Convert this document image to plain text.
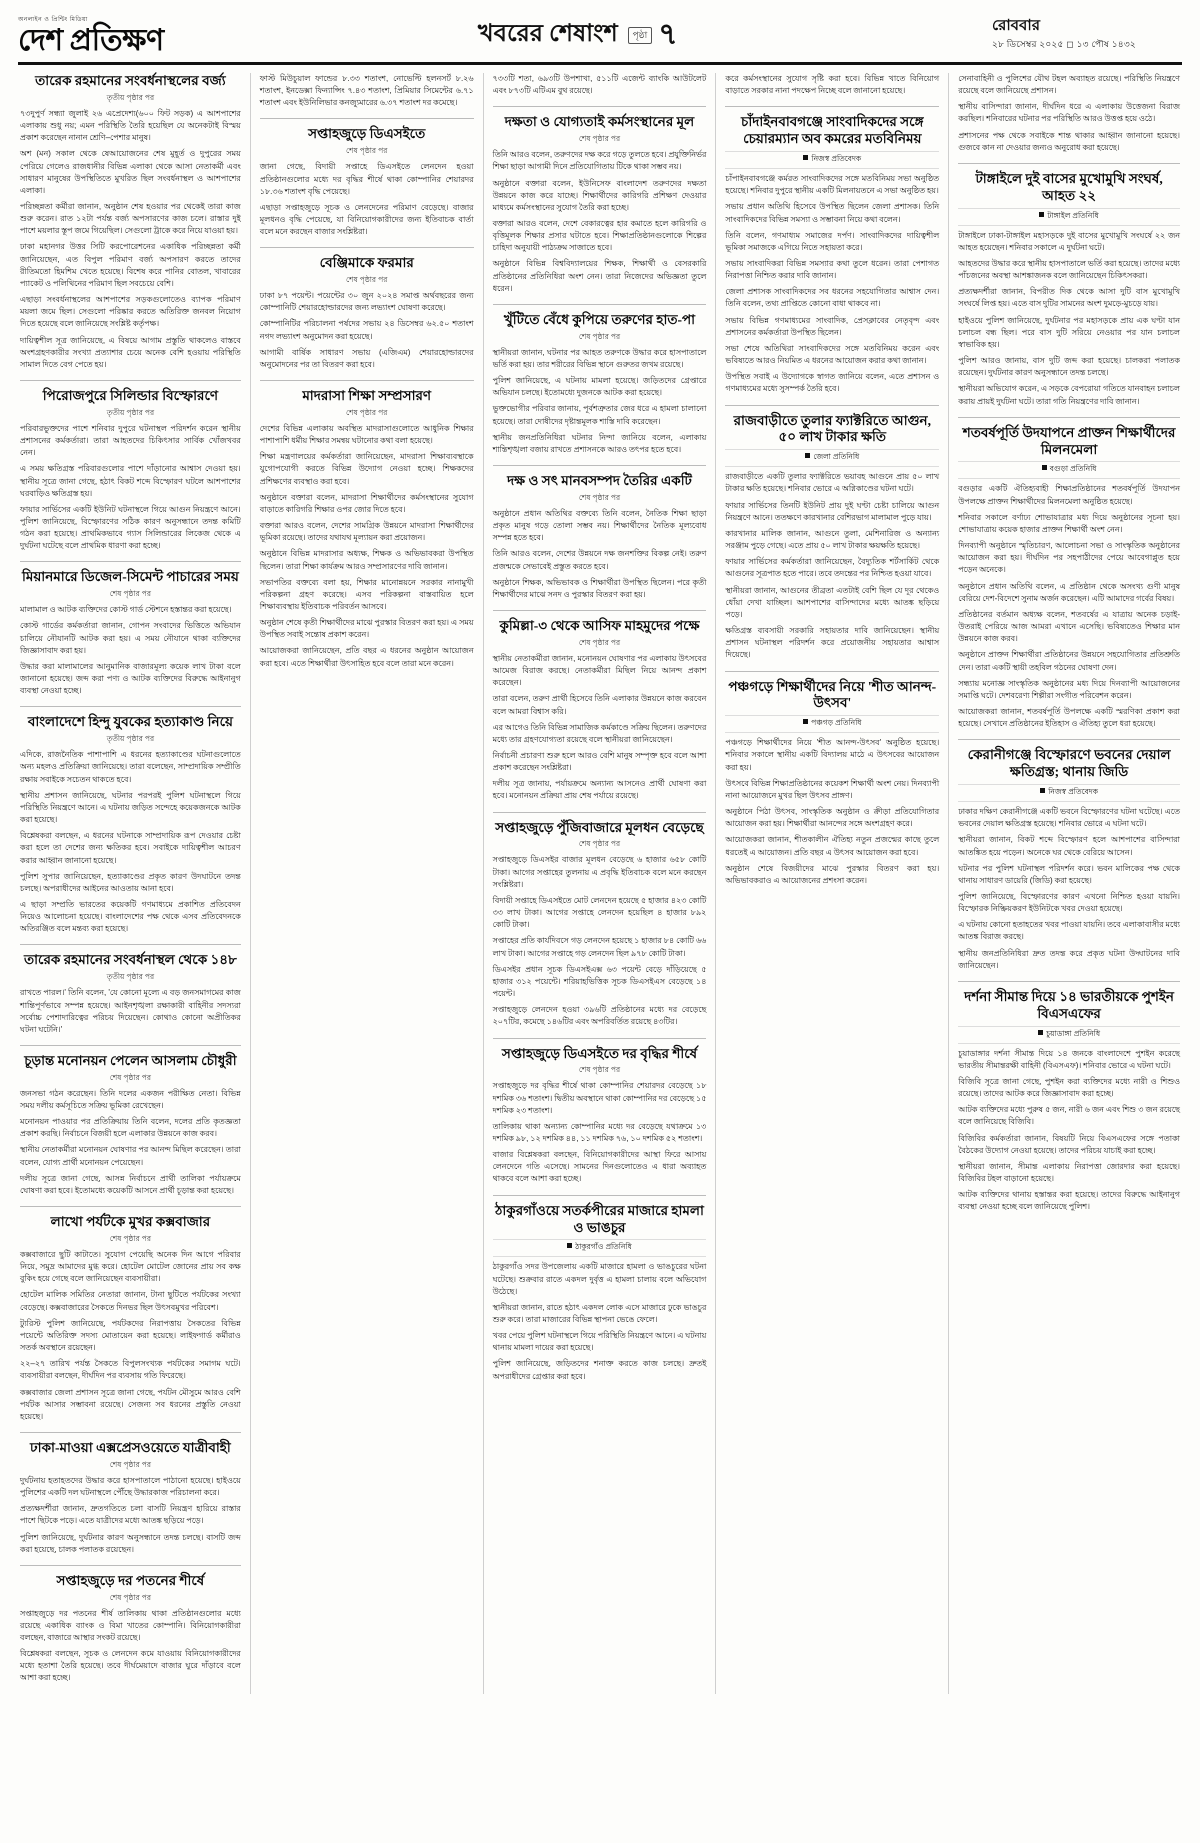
অনলাইন ও প্রিন্টিং মিডিয়া
দেশ প্রতিক্ষণ	খবরের শেষাংশ	পৃষ্ঠা ৭	রোববার
২৮ ডিসেম্বর ২০২৫ ◻ ১৩ পৌষ ১৪৩২
তারেক রহমানের সংবর্ধনাস্থলের বর্জ্য
তৃতীয় পৃষ্ঠার পর

৭৩দুপুর্ণ সন্ধ্যা জুলাই ২৬ এপ্রেদেশ্য(৬০০ ফিট সড়ক) এ আশপাশের এলাকায় শুধু নয়; এমন পরিস্থিতি তৈরি হয়েছিল যে অনেকটাই বিস্ময় প্রকাশ করেছেন নানান শ্রেণি–পেশার মানুষ।

অশ (মন) সকাল থেকে ষেআয়োজনের শেষ মুহূর্ত ও দুপুরের সময় পেরিয়ে গেলেও রাজধানীর বিভিন্ন এলাকা থেকে আসা নেতাকর্মী এবং সাধারণ মানুষের উপস্থিতিতে মুখরিত ছিল সংবর্ধনাস্থল ও আশপাশের এলাকা।

পরিচ্ছন্নতা কর্মীরা জানান, অনুষ্ঠান শেষ হওয়ার পর থেকেই তারা কাজ শুরু করেন। রাত ১২টা পর্যন্ত বর্জ্য অপসারণের কাজ চলে। রাস্তার দুই পাশে ময়লার স্তূপ জমে গিয়েছিল। সেগুলো ট্রাকে করে নিয়ে যাওয়া হয়।

ঢাকা মহানগর উত্তর সিটি করপোরেশনের একাধিক পরিচ্ছন্নতা কর্মী জানিয়েছেন, এত বিপুল পরিমাণ বর্জ্য অপসারণ করতে তাদের রীতিমতো হিমশিম খেতে হয়েছে। বিশেষ করে পানির বোতল, খাবারের প্যাকেট ও পলিথিনের পরিমাণ ছিল সবচেয়ে বেশি।

এছাড়া সংবর্ধনাস্থলের আশপাশের সড়কগুলোতেও ব্যাপক পরিমাণ ময়লা জমে ছিল। সেগুলো পরিষ্কার করতে অতিরিক্ত জনবল নিয়োগ দিতে হয়েছে বলে জানিয়েছে সংশ্লিষ্ট কর্তৃপক্ষ।

দায়িত্বশীল সূত্র জানিয়েছে, এ বিষয়ে আগাম প্রস্তুতি থাকলেও বাস্তবে অংশগ্রহণকারীর সংখ্যা প্রত্যাশার চেয়ে অনেক বেশি হওয়ায় পরিস্থিতি সামাল দিতে বেগ পেতে হয়।

পিরোজপুরে সিলিন্ডার বিস্ফোরণে
তৃতীয় পৃষ্ঠার পর

পরিবারভুক্তদের পাশে শনিবার দুপুরে ঘটনাস্থল পরিদর্শন করেন স্থানীয় প্রশাসনের কর্মকর্তারা। তারা আহতদের চিকিৎসার সার্বিক খোঁজখবর নেন।

এ সময় ক্ষতিগ্রস্ত পরিবারগুলোর পাশে দাঁড়ানোর আশ্বাস দেওয়া হয়। স্থানীয় সূত্রে জানা গেছে, হঠাৎ বিকট শব্দে বিস্ফোরণ ঘটলে আশপাশের ঘরবাড়িও ক্ষতিগ্রস্ত হয়।

ফায়ার সার্ভিসের একটি ইউনিট ঘটনাস্থলে গিয়ে আগুন নিয়ন্ত্রণে আনে। পুলিশ জানিয়েছে, বিস্ফোরণের সঠিক কারণ অনুসন্ধানে তদন্ত কমিটি গঠন করা হয়েছে। প্রাথমিকভাবে গ্যাস সিলিন্ডারের লিকেজ থেকে এ দুর্ঘটনা ঘটেছে বলে প্রাথমিক ধারণা করা হচ্ছে।

মিয়ানমারে ডিজেল-সিমেন্ট পাচারের সময়
শেষ পৃষ্ঠার পর

মালামাল ও আটক ব্যক্তিদের কোস্ট গার্ড স্টেশনে হস্তান্তর করা হয়েছে।

কোস্ট গার্ডের কর্মকর্তারা জানান, গোপন সংবাদের ভিত্তিতে অভিযান চালিয়ে নৌযানটি আটক করা হয়। এ সময় নৌযানে থাকা ব্যক্তিদের জিজ্ঞাসাবাদ করা হয়।

উদ্ধার করা মালামালের আনুমানিক বাজারমূল্য কয়েক লাখ টাকা বলে জানানো হয়েছে। জব্দ করা পণ্য ও আটক ব্যক্তিদের বিরুদ্ধে আইনানুগ ব্যবস্থা নেওয়া হচ্ছে।

বাংলাদেশে হিন্দু যুবকের হত্যাকাণ্ড নিয়ে
তৃতীয় পৃষ্ঠার পর

এদিকে, রাজনৈতিক পাশাপাশি এ ধরনের হত্যাকাণ্ডের ঘটনাগুলোতে অন্য মহলও প্রতিক্রিয়া জানিয়েছে। তারা বলেছেন, সাম্প্রদায়িক সম্প্রীতি রক্ষায় সবাইকে সচেতন থাকতে হবে।

স্থানীয় প্রশাসন জানিয়েছে, ঘটনার পরপরই পুলিশ ঘটনাস্থলে গিয়ে পরিস্থিতি নিয়ন্ত্রণে আনে। এ ঘটনায় জড়িত সন্দেহে কয়েকজনকে আটক করা হয়েছে।

বিশ্লেষকরা বলছেন, এ ধরনের ঘটনাকে সাম্প্রদায়িক রূপ দেওয়ার চেষ্টা করা হলে তা দেশের জন্য ক্ষতিকর হবে। সবাইকে দায়িত্বশীল আচরণ করার আহ্বান জানানো হয়েছে।

পুলিশ সুপার জানিয়েছেন, হত্যাকাণ্ডের প্রকৃত কারণ উদঘাটনে তদন্ত চলছে। অপরাধীদের আইনের আওতায় আনা হবে।

এ ছাড়া সম্প্রতি ভারতের কয়েকটি গণমাধ্যমে প্রকাশিত প্রতিবেদন নিয়েও আলোচনা হয়েছে। বাংলাদেশের পক্ষ থেকে এসব প্রতিবেদনকে অতিরঞ্জিত বলে মন্তব্য করা হয়েছে।

তারেক রহমানের সংবর্ধনাস্থল থেকে ১৪৮
তৃতীয় পৃষ্ঠার পর

রাখতে পারল।' তিনি বলেন, 'যে কোনো মূল্যে এ বড় জনসমাগমের কাজ শান্তিপূর্ণভাবে সম্পন্ন হয়েছে। আইনশৃঙ্খলা রক্ষাকারী বাহিনীর সদস্যরা সর্বোচ্চ পেশাদারিত্বের পরিচয় দিয়েছেন। কোথাও কোনো অপ্রীতিকর ঘটনা ঘটেনি।'

চূড়ান্ত মনোনয়ন পেলেন আসলাম চৌধুরী
শেষ পৃষ্ঠার পর

জনসভা গঠন করেছেন। তিনি দলের একজন পরীক্ষিত নেতা। বিভিন্ন সময় দলীয় কর্মসূচিতে সক্রিয় ভূমিকা রেখেছেন।

মনোনয়ন পাওয়ার পর প্রতিক্রিয়ায় তিনি বলেন, দলের প্রতি কৃতজ্ঞতা প্রকাশ করছি। নির্বাচনে বিজয়ী হলে এলাকার উন্নয়নে কাজ করব।

স্থানীয় নেতাকর্মীরা মনোনয়ন ঘোষণার পর আনন্দ মিছিল করেছেন। তারা বলেন, যোগ্য প্রার্থী মনোনয়ন পেয়েছেন।

দলীয় সূত্রে জানা গেছে, আসন্ন নির্বাচনে প্রার্থী তালিকা পর্যায়ক্রমে ঘোষণা করা হবে। ইতোমধ্যে কয়েকটি আসনে প্রার্থী চূড়ান্ত করা হয়েছে।

লাখো পর্যটকে মুখর কক্সবাজার
শেষ পৃষ্ঠার পর

কক্সবাজারে ছুটি কাটাতে। সুযোগ পেয়েছি অনেক দিন আগে পরিবার নিয়ে, সমুদ্র আমাদের মুগ্ধ করে। হোটেল মোটেল জোনের প্রায় সব কক্ষ বুকিং হয়ে গেছে বলে জানিয়েছেন ব্যবসায়ীরা।

হোটেল মালিক সমিতির নেতারা জানান, টানা ছুটিতে পর্যটকের সংখ্যা বেড়েছে। কক্সবাজারের সৈকতে দিনভর ছিল উৎসবমুখর পরিবেশ।

ট্যুরিস্ট পুলিশ জানিয়েছে, পর্যটকদের নিরাপত্তায় সৈকতের বিভিন্ন পয়েন্টে অতিরিক্ত সদস্য মোতায়েন করা হয়েছে। লাইফগার্ড কর্মীরাও সতর্ক অবস্থানে রয়েছেন।

২২–২৭ তারিখ পর্যন্ত সৈকতে বিপুলসংখ্যক পর্যটকের সমাগম ঘটে। ব্যবসায়ীরা বলছেন, দীর্ঘদিন পর ব্যবসায় গতি ফিরেছে।

কক্সবাজার জেলা প্রশাসন সূত্রে জানা গেছে, পর্যটন মৌসুমে আরও বেশি পর্যটক আসার সম্ভাবনা রয়েছে। সেজন্য সব ধরনের প্রস্তুতি নেওয়া হয়েছে।

ঢাকা-মাওয়া এক্সপ্রেসওয়েতে যাত্রীবাহী
শেষ পৃষ্ঠার পর

দুর্ঘটনায় হতাহতদের উদ্ধার করে হাসপাতালে পাঠানো হয়েছে। হাইওয়ে পুলিশের একটি দল ঘটনাস্থলে পৌঁছে উদ্ধারকাজ পরিচালনা করে।

প্রত্যক্ষদর্শীরা জানান, দ্রুতগতিতে চলা বাসটি নিয়ন্ত্রণ হারিয়ে রাস্তার পাশে ছিটকে পড়ে। এতে যাত্রীদের মধ্যে আতঙ্ক ছড়িয়ে পড়ে।

পুলিশ জানিয়েছে, দুর্ঘটনার কারণ অনুসন্ধানে তদন্ত চলছে। বাসটি জব্দ করা হয়েছে, চালক পলাতক রয়েছেন।

সপ্তাহজুড়ে দর পতনের শীর্ষে
শেষ পৃষ্ঠার পর

সপ্তাহজুড়ে দর পতনের শীর্ষ তালিকায় থাকা প্রতিষ্ঠানগুলোর মধ্যে রয়েছে একাধিক ব্যাংক ও বিমা খাতের কোম্পানি। বিনিয়োগকারীরা বলছেন, বাজারে আস্থার সংকট রয়েছে।

বিশ্লেষকরা বলছেন, সূচক ও লেনদেন কমে যাওয়ায় বিনিয়োগকারীদের মধ্যে হতাশা তৈরি হয়েছে। তবে দীর্ঘমেয়াদে বাজার ঘুরে দাঁড়াবে বলে আশা করা হচ্ছে।

ফাস্ট মিউচুয়াল ফান্ডের ৮.৩৩ শতাংশ, নোভেল্টি হলনসর্ট ৮.২৬ শতাংশ, ইনডেক্সা ফিন্যান্সিং ৭.৪৩ শতাংশ, প্রিমিয়ার সিমেন্টের ৬.৭১ শতাংশ এবং ইউনিলিভার কনজ্যুমারের ৬.৩৭ শতাংশ দর কমেছে।

সপ্তাহজুড়ে ডিএসইতে
শেষ পৃষ্ঠার পর

জানা গেছে, বিদায়ী সপ্তাহে ডিএসইতে লেনদেন হওয়া প্রতিষ্ঠানগুলোর মধ্যে দর বৃদ্ধির শীর্ষে থাকা কোম্পানির শেয়ারদর ১৮.৩৬ শতাংশ বৃদ্ধি পেয়েছে।

এছাড়া সপ্তাহজুড়ে সূচক ও লেনদেনের পরিমাণ বেড়েছে। বাজার মূলধনও বৃদ্ধি পেয়েছে, যা বিনিয়োগকারীদের জন্য ইতিবাচক বার্তা বলে মনে করছেন বাজার সংশ্লিষ্টরা।

বেঞ্জিমাকে ফরমার
শেষ পৃষ্ঠার পর

ঢাকা ৮৭ পয়েন্ট। পয়েন্টের ৩০ জুন ২০২৪ সমাপ্ত অর্থবছরের জন্য কোম্পানিটি শেয়ারহোল্ডারদের জন্য লভ্যাংশ ঘোষণা করেছে।

কোম্পানিটির পরিচালনা পর্ষদের সভায় ২৪ ডিসেম্বর ৬২.৫০ শতাংশ নগদ লভ্যাংশ অনুমোদন করা হয়েছে।

আগামী বার্ষিক সাধারণ সভায় (এজিএম) শেয়ারহোল্ডারদের অনুমোদনের পর তা বিতরণ করা হবে।

মাদরাসা শিক্ষা সম্প্রসারণ
শেষ পৃষ্ঠার পর

দেশের বিভিন্ন এলাকায় অবস্থিত মাদরাসাগুলোতে আধুনিক শিক্ষার পাশাপাশি ধর্মীয় শিক্ষার সমন্বয় ঘটানোর কথা বলা হয়েছে।

শিক্ষা মন্ত্রণালয়ের কর্মকর্তারা জানিয়েছেন, মাদরাসা শিক্ষাব্যবস্থাকে যুগোপযোগী করতে বিভিন্ন উদ্যোগ নেওয়া হচ্ছে। শিক্ষকদের প্রশিক্ষণের ব্যবস্থাও করা হবে।

অনুষ্ঠানে বক্তারা বলেন, মাদরাসা শিক্ষার্থীদের কর্মসংস্থানের সুযোগ বাড়াতে কারিগরি শিক্ষার ওপর জোর দিতে হবে।

বক্তারা আরও বলেন, দেশের সামগ্রিক উন্নয়নে মাদরাসা শিক্ষার্থীদের ভূমিকা রয়েছে। তাদের যথাযথ মূল্যায়ন করা প্রয়োজন।

অনুষ্ঠানে বিভিন্ন মাদরাসার অধ্যক্ষ, শিক্ষক ও অভিভাবকরা উপস্থিত ছিলেন। তারা শিক্ষা কার্যক্রম আরও সম্প্রসারণের দাবি জানান।

সভাপতির বক্তব্যে বলা হয়, শিক্ষার মানোন্নয়নে সরকার নানামুখী পরিকল্পনা গ্রহণ করেছে। এসব পরিকল্পনা বাস্তবায়িত হলে শিক্ষাব্যবস্থায় ইতিবাচক পরিবর্তন আসবে।

অনুষ্ঠান শেষে কৃতী শিক্ষার্থীদের মাঝে পুরস্কার বিতরণ করা হয়। এ সময় উপস্থিত সবাই সন্তোষ প্রকাশ করেন।

আয়োজকরা জানিয়েছেন, প্রতি বছর এ ধরনের অনুষ্ঠান আয়োজন করা হবে। এতে শিক্ষার্থীরা উৎসাহিত হবে বলে তারা মনে করেন।

৭৩৩টি শতা, ৬৯৩টি উপশাখা, ৫১১টি এজেন্ট ব্যাংকি আউটলেট এবং ৮৭৩টি এটিএম বুথ রয়েছে।

দক্ষতা ও যোগ্যতাই কর্মসংস্থানের মূল
শেষ পৃষ্ঠার পর

তিনি আরও বলেন, তরুণদের দক্ষ করে গড়ে তুলতে হবে। প্রযুক্তিনির্ভর শিক্ষা ছাড়া আগামী দিনে প্রতিযোগিতায় টিকে থাকা সম্ভব নয়।

অনুষ্ঠানে বক্তারা বলেন, ইউনিসেফ বাংলাদেশ তরুণদের দক্ষতা উন্নয়নে কাজ করে যাচ্ছে। শিক্ষার্থীদের কারিগরি প্রশিক্ষণ দেওয়ার মাধ্যমে কর্মসংস্থানের সুযোগ তৈরি করা হচ্ছে।

বক্তারা আরও বলেন, দেশে বেকারত্বের হার কমাতে হলে কারিগরি ও বৃত্তিমূলক শিক্ষার প্রসার ঘটাতে হবে। শিক্ষাপ্রতিষ্ঠানগুলোকে শিল্পের চাহিদা অনুযায়ী পাঠ্যক্রম সাজাতে হবে।

অনুষ্ঠানে বিভিন্ন বিশ্ববিদ্যালয়ের শিক্ষক, শিক্ষার্থী ও বেসরকারি প্রতিষ্ঠানের প্রতিনিধিরা অংশ নেন। তারা নিজেদের অভিজ্ঞতা তুলে ধরেন।

খুঁটিতে বেঁধে কুপিয়ে তরুণের হাত-পা
শেষ পৃষ্ঠার পর

স্থানীয়রা জানান, ঘটনার পর আহত তরুণকে উদ্ধার করে হাসপাতালে ভর্তি করা হয়। তার শরীরের বিভিন্ন স্থানে গুরুতর জখম রয়েছে।

পুলিশ জানিয়েছে, এ ঘটনায় মামলা হয়েছে। জড়িতদের গ্রেপ্তারে অভিযান চলছে। ইতোমধ্যে দুজনকে আটক করা হয়েছে।

ভুক্তভোগীর পরিবার জানায়, পূর্বশত্রুতার জের ধরে এ হামলা চালানো হয়েছে। তারা দোষীদের দৃষ্টান্তমূলক শাস্তি দাবি করেছেন।

স্থানীয় জনপ্রতিনিধিরা ঘটনার নিন্দা জানিয়ে বলেন, এলাকায় শান্তিশৃঙ্খলা বজায় রাখতে প্রশাসনকে আরও তৎপর হতে হবে।

দক্ষ ও সৎ মানবসম্পদ তৈরির একটি
শেষ পৃষ্ঠার পর

অনুষ্ঠানে প্রধান অতিথির বক্তব্যে তিনি বলেন, নৈতিক শিক্ষা ছাড়া প্রকৃত মানুষ গড়ে তোলা সম্ভব নয়। শিক্ষার্থীদের নৈতিক মূল্যবোধ সম্পন্ন হতে হবে।

তিনি আরও বলেন, দেশের উন্নয়নে দক্ষ জনশক্তির বিকল্প নেই। তরুণ প্রজন্মকে সেভাবেই প্রস্তুত করতে হবে।

অনুষ্ঠানে শিক্ষক, অভিভাবক ও শিক্ষার্থীরা উপস্থিত ছিলেন। পরে কৃতী শিক্ষার্থীদের মাঝে সনদ ও পুরস্কার বিতরণ করা হয়।

কুমিল্লা-৩ থেকে আসিফ মাহমুদের পক্ষে
শেষ পৃষ্ঠার পর

স্থানীয় নেতাকর্মীরা জানান, মনোনয়ন ঘোষণার পর এলাকায় উৎসবের আমেজ বিরাজ করছে। নেতাকর্মীরা মিছিল নিয়ে আনন্দ প্রকাশ করেছেন।

তারা বলেন, তরুণ প্রার্থী হিসেবে তিনি এলাকার উন্নয়নে কাজ করবেন বলে আমরা বিশ্বাস করি।

এর আগেও তিনি বিভিন্ন সামাজিক কর্মকাণ্ডে সক্রিয় ছিলেন। তরুণদের মধ্যে তার গ্রহণযোগ্যতা রয়েছে বলে স্থানীয়রা জানিয়েছেন।

নির্বাচনী প্রচারণা শুরু হলে আরও বেশি মানুষ সম্পৃক্ত হবে বলে আশা প্রকাশ করেছেন সংশ্লিষ্টরা।

দলীয় সূত্র জানায়, পর্যায়ক্রমে অন্যান্য আসনেও প্রার্থী ঘোষণা করা হবে। মনোনয়ন প্রক্রিয়া প্রায় শেষ পর্যায়ে রয়েছে।

সপ্তাহজুড়ে পুঁজিবাজারে মূলধন বেড়েছে
শেষ পৃষ্ঠার পর

সপ্তাহজুড়ে ডিএসইর বাজার মূলধন বেড়েছে ৬ হাজার ৬৫৮ কোটি টাকা। আগের সপ্তাহের তুলনায় এ প্রবৃদ্ধি ইতিবাচক বলে মনে করছেন সংশ্লিষ্টরা।

বিদায়ী সপ্তাহে ডিএসইতে মোট লেনদেন হয়েছে ৫ হাজার ৪২৩ কোটি ৩৩ লাখ টাকা। আগের সপ্তাহে লেনদেন হয়েছিল ৪ হাজার ৮৯২ কোটি টাকা।

সপ্তাহের প্রতি কার্যদিবসে গড় লেনদেন হয়েছে ১ হাজার ৮৪ কোটি ৬৬ লাখ টাকা। আগের সপ্তাহে গড় লেনদেন ছিল ৯৭৮ কোটি টাকা।

ডিএসইর প্রধান সূচক ডিএসইএক্স ৬৩ পয়েন্ট বেড়ে দাঁড়িয়েছে ৫ হাজার ৩১২ পয়েন্টে। শরিয়াহভিত্তিক সূচক ডিএসইএস বেড়েছে ১৪ পয়েন্ট।

সপ্তাহজুড়ে লেনদেন হওয়া ৩৯৬টি প্রতিষ্ঠানের মধ্যে দর বেড়েছে ২০৭টির, কমেছে ১৪৬টির এবং অপরিবর্তিত রয়েছে ৪৩টির।

সপ্তাহজুড়ে ডিএসইতে দর বৃদ্ধির শীর্ষে
শেষ পৃষ্ঠার পর

সপ্তাহজুড়ে দর বৃদ্ধির শীর্ষে থাকা কোম্পানির শেয়ারদর বেড়েছে ১৮ দশমিক ৩৬ শতাংশ। দ্বিতীয় অবস্থানে থাকা কোম্পানির দর বেড়েছে ১৫ দশমিক ২৩ শতাংশ।

তালিকায় থাকা অন্যান্য কোম্পানির মধ্যে দর বেড়েছে যথাক্রমে ১৩ দশমিক ৯৮, ১২ দশমিক ৪৪, ১১ দশমিক ৭৬, ১০ দশমিক ৫২ শতাংশ।

বাজার বিশ্লেষকরা বলছেন, বিনিয়োগকারীদের আস্থা ফিরে আসায় লেনদেনে গতি এসেছে। সামনের দিনগুলোতেও এ ধারা অব্যাহত থাকবে বলে আশা করা হচ্ছে।

ঠাকুরগাঁওয়ে সতর্কপীরের মাজারে হামলা ও ভাঙচুর
ঠাকুরগাঁও প্রতিনিধি

ঠাকুরগাঁও সদর উপজেলায় একটি মাজারে হামলা ও ভাঙচুরের ঘটনা ঘটেছে। শুক্রবার রাতে একদল দুর্বৃত্ত এ হামলা চালায় বলে অভিযোগ উঠেছে।

স্থানীয়রা জানান, রাতে হঠাৎ একদল লোক এসে মাজারে ঢুকে ভাঙচুর শুরু করে। তারা মাজারের বিভিন্ন স্থাপনা ভেঙে ফেলে।

খবর পেয়ে পুলিশ ঘটনাস্থলে গিয়ে পরিস্থিতি নিয়ন্ত্রণে আনে। এ ঘটনায় থানায় মামলা দায়ের করা হয়েছে।

পুলিশ জানিয়েছে, জড়িতদের শনাক্ত করতে কাজ চলছে। দ্রুতই অপরাধীদের গ্রেপ্তার করা হবে।

করে কর্মসংস্থানের সুযোগ সৃষ্টি করা হবে। বিভিন্ন খাতে বিনিয়োগ বাড়াতে সরকার নানা পদক্ষেপ নিচ্ছে বলে জানানো হয়েছে।

চাঁদাইনবাবগঞ্জে সাংবাদিকদের সঙ্গে চেয়ারম্যান অব কমরের মতবিনিময়
নিজস্ব প্রতিবেদক

চাঁপাইনবাবগঞ্জে কর্মরত সাংবাদিকদের সঙ্গে মতবিনিময় সভা অনুষ্ঠিত হয়েছে। শনিবার দুপুরে স্থানীয় একটি মিলনায়তনে এ সভা অনুষ্ঠিত হয়।

সভায় প্রধান অতিথি হিসেবে উপস্থিত ছিলেন জেলা প্রশাসক। তিনি সাংবাদিকদের বিভিন্ন সমস্যা ও সম্ভাবনা নিয়ে কথা বলেন।

তিনি বলেন, গণমাধ্যম সমাজের দর্পণ। সাংবাদিকদের দায়িত্বশীল ভূমিকা সমাজকে এগিয়ে নিতে সহায়তা করে।

সভায় সাংবাদিকরা বিভিন্ন সমস্যার কথা তুলে ধরেন। তারা পেশাগত নিরাপত্তা নিশ্চিত করার দাবি জানান।

জেলা প্রশাসক সাংবাদিকদের সব ধরনের সহযোগিতার আশ্বাস দেন। তিনি বলেন, তথ্য প্রাপ্তিতে কোনো বাধা থাকবে না।

সভায় বিভিন্ন গণমাধ্যমের সাংবাদিক, প্রেসক্লাবের নেতৃবৃন্দ এবং প্রশাসনের কর্মকর্তারা উপস্থিত ছিলেন।

সভা শেষে অতিথিরা সাংবাদিকদের সঙ্গে মতবিনিময় করেন এবং ভবিষ্যতে আরও নিয়মিত এ ধরনের আয়োজন করার কথা জানান।

উপস্থিত সবাই এ উদ্যোগকে স্বাগত জানিয়ে বলেন, এতে প্রশাসন ও গণমাধ্যমের মধ্যে সুসম্পর্ক তৈরি হবে।

রাজবাড়ীতে তুলার ফ্যাক্টরিতে আগুন, ৫০ লাখ টাকার ক্ষতি
জেলা প্রতিনিধি

রাজবাড়ীতে একটি তুলার ফ্যাক্টরিতে ভয়াবহ আগুনে প্রায় ৫০ লাখ টাকার ক্ষতি হয়েছে। শনিবার ভোরে এ অগ্নিকাণ্ডের ঘটনা ঘটে।

ফায়ার সার্ভিসের তিনটি ইউনিট প্রায় দুই ঘণ্টা চেষ্টা চালিয়ে আগুন নিয়ন্ত্রণে আনে। ততক্ষণে কারখানার বেশিরভাগ মালামাল পুড়ে যায়।

কারখানার মালিক জানান, আগুনে তুলা, মেশিনারিজ ও অন্যান্য সরঞ্জাম পুড়ে গেছে। এতে প্রায় ৫০ লাখ টাকার ক্ষয়ক্ষতি হয়েছে।

ফায়ার সার্ভিসের কর্মকর্তারা জানিয়েছেন, বৈদ্যুতিক শর্টসার্কিট থেকে আগুনের সূত্রপাত হতে পারে। তবে তদন্তের পর নিশ্চিত হওয়া যাবে।

স্থানীয়রা জানান, আগুনের তীব্রতা এতটাই বেশি ছিল যে দূর থেকেও ধোঁয়া দেখা যাচ্ছিল। আশপাশের বাসিন্দাদের মধ্যে আতঙ্ক ছড়িয়ে পড়ে।

ক্ষতিগ্রস্ত ব্যবসায়ী সরকারি সহায়তার দাবি জানিয়েছেন। স্থানীয় প্রশাসন ঘটনাস্থল পরিদর্শন করে প্রয়োজনীয় সহায়তার আশ্বাস দিয়েছে।

পঞ্চগড়ে শিক্ষার্থীদের নিয়ে 'শীত আনন্দ-উৎসব'
পঞ্চগড় প্রতিনিধি

পঞ্চগড়ে শিক্ষার্থীদের নিয়ে 'শীত আনন্দ-উৎসব' অনুষ্ঠিত হয়েছে। শনিবার সকালে স্থানীয় একটি বিদ্যালয় মাঠে এ উৎসবের আয়োজন করা হয়।

উৎসবে বিভিন্ন শিক্ষাপ্রতিষ্ঠানের কয়েকশ শিক্ষার্থী অংশ নেয়। দিনব্যাপী নানা আয়োজনে মুখর ছিল উৎসব প্রাঙ্গণ।

অনুষ্ঠানে পিঠা উৎসব, সাংস্কৃতিক অনুষ্ঠান ও ক্রীড়া প্রতিযোগিতার আয়োজন করা হয়। শিক্ষার্থীরা আনন্দের সঙ্গে অংশগ্রহণ করে।

আয়োজকরা জানান, শীতকালীন ঐতিহ্য নতুন প্রজন্মের কাছে তুলে ধরতেই এ আয়োজন। প্রতি বছর এ উৎসব আয়োজন করা হবে।

অনুষ্ঠান শেষে বিজয়ীদের মাঝে পুরস্কার বিতরণ করা হয়। অভিভাবকরাও এ আয়োজনের প্রশংসা করেন।

সেনাবাহিনী ও পুলিশের যৌথ টহল অব্যাহত রয়েছে। পরিস্থিতি নিয়ন্ত্রণে রয়েছে বলে জানিয়েছে প্রশাসন।

স্থানীয় বাসিন্দারা জানান, দীর্ঘদিন ধরে এ এলাকায় উত্তেজনা বিরাজ করছিল। শনিবারের ঘটনার পর পরিস্থিতি আরও উত্তপ্ত হয়ে ওঠে।

প্রশাসনের পক্ষ থেকে সবাইকে শান্ত থাকার আহ্বান জানানো হয়েছে। গুজবে কান না দেওয়ার জন্যও অনুরোধ করা হয়েছে।

টাঙ্গাইলে দুই বাসের মুখোমুখি সংঘর্ষ, আহত ২২
টাঙ্গাইল প্রতিনিধি

টাঙ্গাইলে ঢাকা-টাঙ্গাইল মহাসড়কে দুই বাসের মুখোমুখি সংঘর্ষে ২২ জন আহত হয়েছেন। শনিবার সকালে এ দুর্ঘটনা ঘটে।

আহতদের উদ্ধার করে স্থানীয় হাসপাতালে ভর্তি করা হয়েছে। তাদের মধ্যে পাঁচজনের অবস্থা আশঙ্কাজনক বলে জানিয়েছেন চিকিৎসকরা।

প্রত্যক্ষদর্শীরা জানান, বিপরীত দিক থেকে আসা দুটি বাস মুখোমুখি সংঘর্ষে লিপ্ত হয়। এতে বাস দুটির সামনের অংশ দুমড়ে-মুচড়ে যায়।

হাইওয়ে পুলিশ জানিয়েছে, দুর্ঘটনার পর মহাসড়কে প্রায় এক ঘণ্টা যান চলাচল বন্ধ ছিল। পরে বাস দুটি সরিয়ে নেওয়ার পর যান চলাচল স্বাভাবিক হয়।

পুলিশ আরও জানায়, বাস দুটি জব্দ করা হয়েছে। চালকরা পলাতক রয়েছেন। দুর্ঘটনার কারণ অনুসন্ধানে তদন্ত চলছে।

স্থানীয়রা অভিযোগ করেন, এ সড়কে বেপরোয়া গতিতে যানবাহন চলাচল করায় প্রায়ই দুর্ঘটনা ঘটে। তারা গতি নিয়ন্ত্রণের দাবি জানান।

শতবর্ষপূর্তি উদযাপনে প্রাক্তন শিক্ষার্থীদের মিলনমেলা
বগুড়া প্রতিনিধি

বগুড়ার একটি ঐতিহ্যবাহী শিক্ষাপ্রতিষ্ঠানের শতবর্ষপূর্তি উদযাপন উপলক্ষে প্রাক্তন শিক্ষার্থীদের মিলনমেলা অনুষ্ঠিত হয়েছে।

শনিবার সকালে বর্ণাঢ্য শোভাযাত্রার মধ্য দিয়ে অনুষ্ঠানের সূচনা হয়। শোভাযাত্রায় কয়েক হাজার প্রাক্তন শিক্ষার্থী অংশ নেন।

দিনব্যাপী অনুষ্ঠানে স্মৃতিচারণ, আলোচনা সভা ও সাংস্কৃতিক অনুষ্ঠানের আয়োজন করা হয়। দীর্ঘদিন পর সহপাঠীদের পেয়ে আবেগাপ্লুত হয়ে পড়েন অনেকে।

অনুষ্ঠানে প্রধান অতিথি বলেন, এ প্রতিষ্ঠান থেকে অসংখ্য গুণী মানুষ বেরিয়ে দেশ-বিদেশে সুনাম অর্জন করেছেন। এটি আমাদের গর্বের বিষয়।

প্রতিষ্ঠানের বর্তমান অধ্যক্ষ বলেন, শতবর্ষের এ যাত্রায় অনেক চড়াই-উতরাই পেরিয়ে আজ আমরা এখানে এসেছি। ভবিষ্যতেও শিক্ষার মান উন্নয়নে কাজ করব।

অনুষ্ঠানে প্রাক্তন শিক্ষার্থীরা প্রতিষ্ঠানের উন্নয়নে সহযোগিতার প্রতিশ্রুতি দেন। তারা একটি স্থায়ী তহবিল গঠনের ঘোষণা দেন।

সন্ধ্যায় মনোজ্ঞ সাংস্কৃতিক অনুষ্ঠানের মধ্য দিয়ে দিনব্যাপী আয়োজনের সমাপ্তি ঘটে। দেশবরেণ্য শিল্পীরা সংগীত পরিবেশন করেন।

আয়োজকরা জানান, শতবর্ষপূর্তি উপলক্ষে একটি স্মরণিকা প্রকাশ করা হয়েছে। সেখানে প্রতিষ্ঠানের ইতিহাস ও ঐতিহ্য তুলে ধরা হয়েছে।

কেরানীগঞ্জে বিস্ফোরণে ভবনের দেয়াল ক্ষতিগ্রস্ত; থানায় জিডি
নিজস্ব প্রতিবেদক

ঢাকার দক্ষিণ কেরানীগঞ্জে একটি ভবনে বিস্ফোরণের ঘটনা ঘটেছে। এতে ভবনের দেয়াল ক্ষতিগ্রস্ত হয়েছে। শনিবার ভোরে এ ঘটনা ঘটে।

স্থানীয়রা জানান, বিকট শব্দে বিস্ফোরণ হলে আশপাশের বাসিন্দারা আতঙ্কিত হয়ে পড়েন। অনেকে ঘর থেকে বেরিয়ে আসেন।

ঘটনার পর পুলিশ ঘটনাস্থল পরিদর্শন করে। ভবন মালিকের পক্ষ থেকে থানায় সাধারণ ডায়েরি (জিডি) করা হয়েছে।

পুলিশ জানিয়েছে, বিস্ফোরণের কারণ এখনো নিশ্চিত হওয়া যায়নি। বিস্ফোরক নিষ্ক্রিয়করণ ইউনিটকে খবর দেওয়া হয়েছে।

এ ঘটনায় কোনো হতাহতের খবর পাওয়া যায়নি। তবে এলাকাবাসীর মধ্যে আতঙ্ক বিরাজ করছে।

স্থানীয় জনপ্রতিনিধিরা দ্রুত তদন্ত করে প্রকৃত ঘটনা উদ্ঘাটনের দাবি জানিয়েছেন।

দর্শনা সীমান্ত দিয়ে ১৪ ভারতীয়কে পুশইন বিএসএফের
চুয়াডাঙ্গা প্রতিনিধি

চুয়াডাঙ্গার দর্শনা সীমান্ত দিয়ে ১৪ জনকে বাংলাদেশে পুশইন করেছে ভারতীয় সীমান্তরক্ষী বাহিনী (বিএসএফ)। শনিবার ভোরে এ ঘটনা ঘটে।

বিজিবি সূত্রে জানা গেছে, পুশইন করা ব্যক্তিদের মধ্যে নারী ও শিশুও রয়েছে। তাদের আটক করে জিজ্ঞাসাবাদ করা হচ্ছে।

আটক ব্যক্তিদের মধ্যে পুরুষ ৫ জন, নারী ৬ জন এবং শিশু ৩ জন রয়েছে বলে জানিয়েছে বিজিবি।

বিজিবির কর্মকর্তারা জানান, বিষয়টি নিয়ে বিএসএফের সঙ্গে পতাকা বৈঠকের উদ্যোগ নেওয়া হয়েছে। তাদের পরিচয় যাচাই করা হচ্ছে।

স্থানীয়রা জানান, সীমান্ত এলাকায় নিরাপত্তা জোরদার করা হয়েছে। বিজিবির টহল বাড়ানো হয়েছে।

আটক ব্যক্তিদের থানায় হস্তান্তর করা হয়েছে। তাদের বিরুদ্ধে আইনানুগ ব্যবস্থা নেওয়া হচ্ছে বলে জানিয়েছে পুলিশ।
